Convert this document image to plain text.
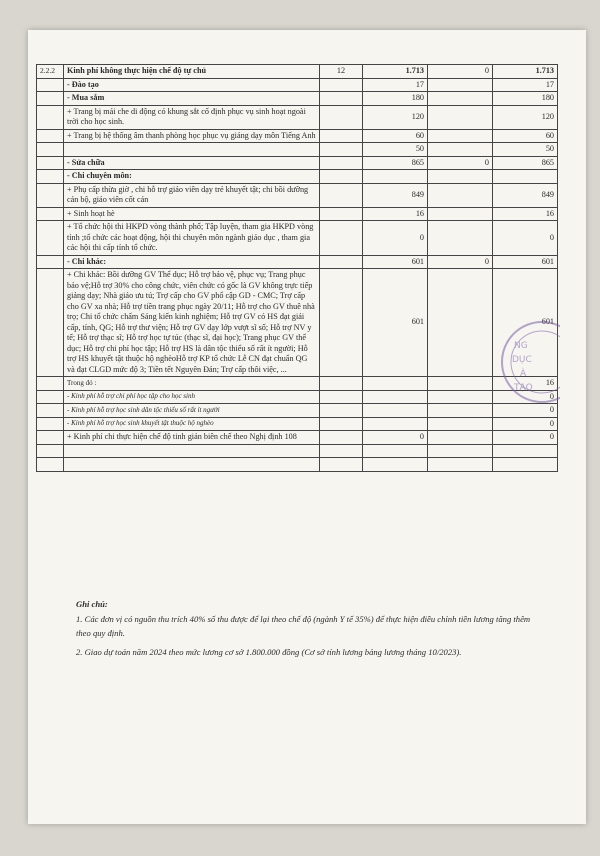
2.2.2	Kinh phí không thực hiện chế độ tự chủ	12	1.713	0	1.713
	- Đào tạo		17		17
	- Mua sắm		180		180
	+ Trang bị mái che di động có khung sắt cố định phục vụ sinh hoạt ngoài trời cho học sinh.		120		120
	+ Trang bị hệ thống âm thanh phòng học phục vụ giảng dạy môn Tiếng Anh		60		60
			50		50
	- Sửa chữa		865	0	865
	- Chi chuyên môn:				
	+ Phụ cấp thừa giờ , chi hỗ trợ giáo viên dạy trẻ khuyết tật; chi bồi dưỡng cán bộ, giáo viên cốt cán		849		849
	+ Sinh hoạt hè		16		16
	+ Tổ chức hội thi HKPD vòng thành phố; Tập luyện, tham gia HKPD vòng tỉnh ;tổ chức các hoạt động, hội thi chuyên môn ngành giáo dục , tham gia các hội thi cấp tỉnh tổ chức.		0		0
	- Chi khác:		601	0	601
	+ Chi khác: Bồi dưỡng GV Thể dục; Hỗ trợ bảo vệ, phục vụ; Trang phục bảo vệ;Hỗ trợ 30% cho công chức, viên chức có gốc là GV không trực tiếp giảng dạy; Nhà giáo ưu tú; Trợ cấp cho GV phổ cập GD - CMC; Trợ cấp cho GV xa nhà; Hỗ trợ tiền trang phục ngày 20/11; Hỗ trợ cho GV thuê nhà trọ; Chi tổ chức chấm Sáng kiến kinh nghiệm; Hỗ trợ GV có HS đạt giải cấp, tỉnh, QG; Hỗ trợ thư viện; Hỗ trợ GV dạy lớp vượt sĩ số; Hỗ trợ NV y tế; Hỗ trợ thạc sĩ; Hỗ trợ học tự túc (thạc sĩ, đại học); Trang phục GV thể dục; Hỗ trợ chi phí học tập; Hỗ trợ HS là dân tộc thiểu số rất ít người; Hỗ trợ HS khuyết tật thuộc hộ nghèoHỗ trợ KP tổ chức Lễ CN đạt chuẩn QG và đạt CLGD mức độ 3; Tiền tết Nguyên Đán; Trợ cấp thôi việc, ...		601		601
	Trong đó :				16
	- Kinh phí hỗ trợ chi phí học tập cho học sinh				0
	- Kinh phí hỗ trợ học sinh dân tộc thiểu số rất ít người				0
	- Kinh phí hỗ trợ học sinh khuyết tật thuộc hộ nghèo				0
	+ Kinh phí chi thực hiện chế độ tinh giản biên chế theo Nghị định 108		0		0

NG
DỤC
À
TẠO

Ghi chú:

1. Các đơn vị có nguồn thu trích 40% số thu được để lại theo chế độ (ngành Y tế 35%) để thực hiện điều chỉnh tiền lương tăng thêm theo quy định.

2. Giao dự toán năm 2024 theo mức lương cơ sở 1.800.000 đồng (Cơ sở tính lương bảng lương tháng 10/2023).
